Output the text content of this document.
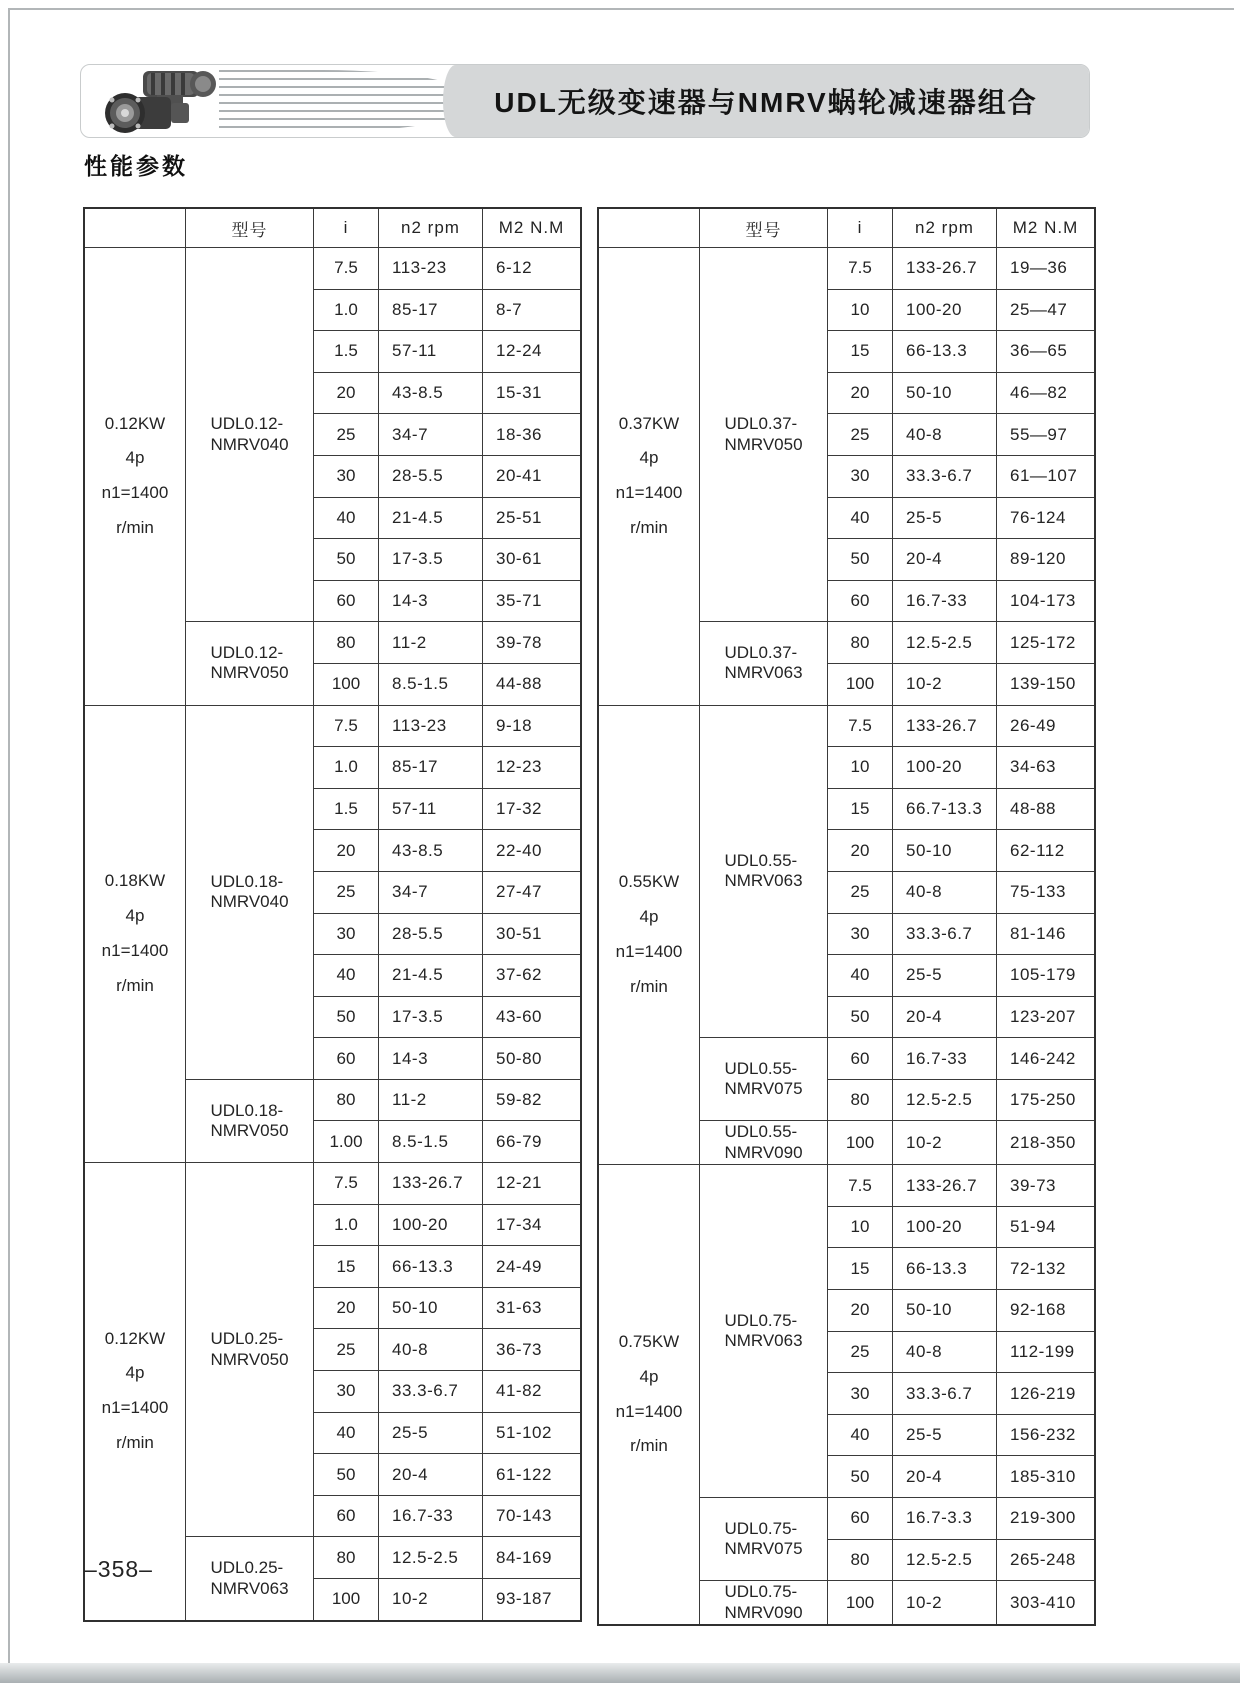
UDL无级变速器与NMRV蜗轮减速器组合
性能参数
	型号	i	n2 rpm	M2 N.M

0.12KW
4p
n1=1400
r/min

UDL0.12-
NMRV040
	7.5	113-23	6-12
		1.0	85-17	8-7
		1.5	57-11	12-24
		20	43-8.5	15-31
		25	34-7	18-36
		30	28-5.5	20-41
		40	21-4.5	25-51
		50	17-3.5	30-61
		60	14-3	35-71

	UDL0.12-
NMRV050	80	11-2	39-78
		100	8.5-1.5	44-88

0.18KW
4p
n1=1400
r/min

UDL0.18-
NMRV040
	7.5	113-23	9-18
		1.0	85-17	12-23
		1.5	57-11	17-32
		20	43-8.5	22-40
		25	34-7	27-47
		30	28-5.5	30-51
		40	21-4.5	37-62
		50	17-3.5	43-60
		60	14-3	50-80

	UDL0.18-
NMRV050	80	11-2	59-82
		1.00	8.5-1.5	66-79

0.12KW
4p
n1=1400
r/min

UDL0.25-
NMRV050
	7.5	133-26.7	12-21
		1.0	100-20	17-34
		15	66-13.3	24-49
		20	50-10	31-63
		25	40-8	36-73
		30	33.3-6.7	41-82
		40	25-5	51-102
		50	20-4	61-122
		60	16.7-33	70-143

	UDL0.25-
NMRV063	80	12.5-2.5	84-169
		100	10-2	93-187
	型号	i	n2 rpm	M2 N.M

0.37KW
4p
n1=1400
r/min

UDL0.37-
NMRV050
	7.5	133-26.7	19—36
		10	100-20	25—47
		15	66-13.3	36—65
		20	50-10	46—82
		25	40-8	55—97
		30	33.3-6.7	61—107
		40	25-5	76-124
		50	20-4	89-120
		60	16.7-33	104-173

	UDL0.37-
NMRV063	80	12.5-2.5	125-172
		100	10-2	139-150

0.55KW
4p
n1=1400
r/min

UDL0.55-
NMRV063
	7.5	133-26.7	26-49
		10	100-20	34-63
		15	66.7-13.3	48-88
		20	50-10	62-112
		25	40-8	75-133
		30	33.3-6.7	81-146
		40	25-5	105-179
		50	20-4	123-207

	UDL0.55-
NMRV075	60	16.7-33	146-242
		80	12.5-2.5	175-250

	UDL0.55-
NMRV090	100	10-2	218-350

0.75KW
4p
n1=1400
r/min

UDL0.75-
NMRV063
	7.5	133-26.7	39-73
		10	100-20	51-94
		15	66-13.3	72-132
		20	50-10	92-168
		25	40-8	112-199
		30	33.3-6.7	126-219
		40	25-5	156-232
		50	20-4	185-310

	UDL0.75-
NMRV075	60	16.7-3.3	219-300
		80	12.5-2.5	265-248

	UDL0.75-
NMRV090	100	10-2	303-410
–358–
